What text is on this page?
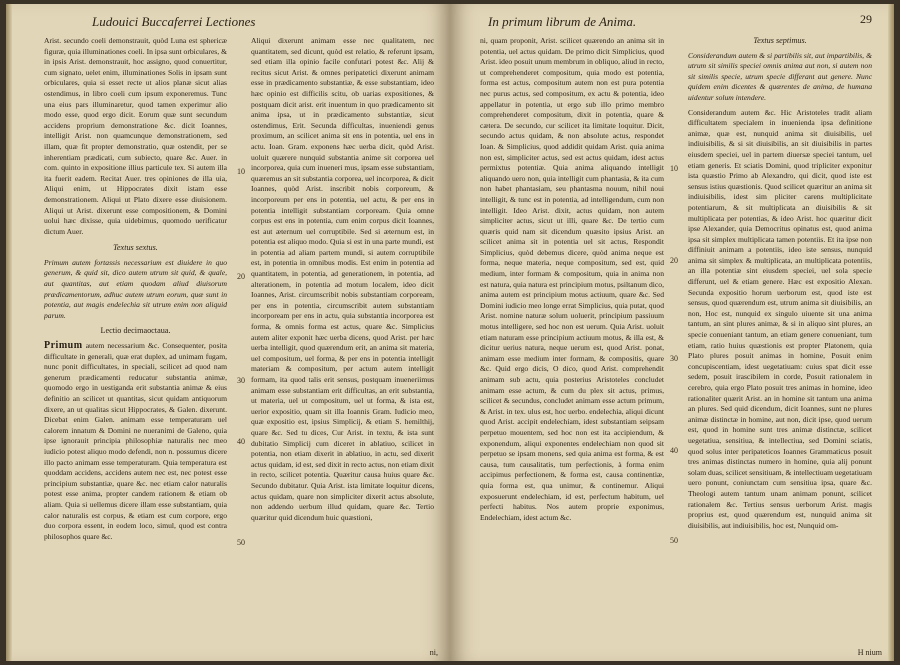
Ludouici Buccaferrei Lectiones

Arist. secundo coeli demonstrauit, quòd Luna est sphericæ figuræ, quia illuminationes coeli. In ipsa sunt orbiculares, & in ipsis Arist. demonstrauit, hoc assigno, quod conuertitur, cum signato, uelet enim, illuminationes Solis in ipsam sunt orbiculares, quia si esset recte ut alios planæ sicut alias ostendimus, in libro coeli cum ipsum exponeremus. Tunc una eius pars illuminaretur, quod tamen experimur alio modo esse, quod ergo dicit. Eorum quæ sunt secundum accidens proprium demonstratione &c. dicit Ioannes, intelligit Arist. non quamcunque demonstrationem, sed illam, quæ fit propter demonstratio, quæ ostendit, per se inherentiam prædicati, cum subiecto, quare &c. Auer. in com. quinto in expositione illius particule tex. Si autem illa ita fuerit eadem. Recitat Auer. tres opiniones de illa uia, Aliqui enim, ut Hippocrates dixit istam esse demonstrationem. Aliqui ut Plato dixere esse diuisionem. Aliqui ut Arist. dixerunt esse compositionem, & Domini uolui hæc dixisse, quia uidebimus, quomodo uerificatur dictum Auer.

Textus sextus.

Primum autem fortassis necessarium est diuidere in quo generum, & quid sit, dico autem utrum sit quid, & quale, aut quantitas, aut etiam quodam aliud diuisorum prædicamentorum, adhuc autem utrum eorum, quæ sunt in potentia, aut magis endelechia sit utrum enim non aliquid parum.

Lectio decimaoctaua.

Primum autem necessarium &c. Consequenter, posita difficultate in generali, quæ erat duplex, ad unimam fugam, nunc ponit difficultates, in speciali, scilicet ad quod nam generum prædicamenti reducatur substantia animæ, quomodo ergo in uestiganda erit substantia animæ & eius definitio an scilicet ut quantitas, sicut quidam antiquorum dixere, an ut qualitas sicut Hippocrates, & Galen. dixerunt. Dicebat enim Galen. animam esse temperaturam uel calorem innatum & Domini ne nueranimi de Galeno, quia ipse ignorauit principia philosophiæ naturalis nec meo iudicio potest aliquo modo defendi, non n. possumus dicere illo pacto animam esse temperaturam. Quia temperatura est quoddam accidens, accidens autem nec est, nec potest esse principium substantiæ, quare &c. nec etiam calor naturalis potest esse anima, propter candem rationem & etiam ob aliam. Quia si uellemus dicere illam esse substantiam, quia calor naturalis est corpus, & etiam est cum corpore, ergo duo corpora essent, in eodem loco, simul, quod est contra philosophos quare &c.

10
20
30
40
50

Aliqui dixerunt animam esse nec qualitatem, nec quantitatem, sed dicunt, quòd est relatio, & referunt ipsam, sed etiam illa opinio facile confutari potest &c. Alij & recitus sicut Arist. & omnes peripatetici dixerunt animam esse in prædicamento substantiæ, & esse substantiam, ideo hæc opinio est difficilis scitu, ob uarias expositiones, & postquam dicit arist. erit inuentum in quo prædicamento sit anima ipsa, ut in prædicamento substantiæ, sicut ostendimus, Erit. Secunda difficultas, inueniendi genus proximum, an scilicet anima sit ens in potentia, uel ens in actu. Ioan. Gram. exponens hæc uerba dicit, quòd Arist. uoluit quærere nunquid substantia anime sit corporea uel incorporea, quia cum inueneri mus, ipsam esse substantiam, quæremus an sit substantia corporea, uel incorporea, & dicit Ioannes, quòd Arist. inscribit nobis corporeum, & incorporeum per ens in potentia, uel actu, & per ens in potentia intelligit substantiam corpoream. Quia omne corpus est ens in potentia, cum enim corpus dicit Ioannes, est aut æternum uel corruptibile. Sed si æternum est, in potentia est aliquo modo. Quia si est in una parte mundi, est in potentia ad aliam partem mundi, si autem corruptibile est, in potentia in omnibus modis. Est enim in potentia ad quantitatem, in potentia, ad generationem, in potentia, ad alterationem, in potentia ad motum localem, ideo dicit Ioannes, Arist. circumscribit nobis substantiam corpoream, per ens in potentia, circumscribit autem substantiam incorpoream per ens in actu, quia substantia incorporea est forma, & omnis forma est actus, quare &c. Simplicius autem aliter exponit hæc uerba dicens, quod Arist. per hæc uerba intelligit, quod quærendum erit, an anima sit materia, uel compositum, uel forma, & per ens in potentia intelligit materiam & compositum, per actum autem intelligit formam, ita quod talis erit sensus, postquam inueneriimus animam esse substantiam erit difficultas, an erit substantia, ut materia, uel ut compositum, uel ut forma, & ista est, uerior expositio, quam sit illa Ioannis Gram. Iudicio meo, quæ expositio est, ipsius Simplicij, & etiam S. hemilthij, quare &c. Sed tu dices, Cur Arist. in textu, & ista sunt dubitatio Simplicij cum diceret in ablatiuo, scilicet in potentia, non etiam dixerit in ablatiuo, in actu, sed dixerit actus quidam, id est, sed dixit in recto actus, non etiam dixit in recto, scilicet potentia. Quæritur causa huius quare &c. Secundo dubitatur. Quia Arist. ista limitate loquitur dicens, actus quidam, quare non simpliciter dixerit actus absolute, non addendo uerbum illud quidam, quare &c. Tertio quæritur quid dicendum huic quæstioni,

ni,
In primum librum de Anima.	29
10
20
30
40
50

ni, quam proponit, Arist. scilicet quærendo an anima sit in potentia, uel actus quidam. De primo dicit Simplicius, quod Arist. ideo posuit unum membrum in obliquo, aliud in recto, ut comprehenderet compositum, quia modo est potentia, forma est actus, compositum autem non est pura potentia nec purus actus, sed compositum, ex actu & potentia, ideo appellatur in potentia, ut ergo sub illo primo membro comprehenderet compositum, dixit in potentia, quare & cætera. De secundo, cur scilicet ita limitate loquitur. Dicit, secundo actus quidam, & non absolute actus, respondet Ioan. & Simplicius, quod addidit quidam Arist. quia anima non est, simpliciter actus, sed est actus quidam, idest actus permixtus potentiæ. Quia anima aliquando intelligit aliquando uero non, quia intelligit cum phantasia, & ita cum non habet phantasiam, seu phantasma nouum, nihil noui intelligit, & tunc est in potentia, ad intelligendum, cum non intelligit. Ideo Arist. dixit, actus quidam, non autem simpliciter actus, sicut ut illi, quare &c. De tertio cum quæris quid nam sit dicendum quæsito ipsius Arist. an scilicet anima sit in potentia uel sit actus, Respondit Simplicius, quòd debemus dicere, quòd anima neque est forma, neque materia, neque compositum, sed est, quid medium, inter formam & compositum, quia in anima non est natura, quia natura est principium motus, psiltanum dico, anima autem est principium motus actiuum, quare &c. Sed Domini iudicio meo longe errat Simplicius, quia putat, quod Arist. nomine naturæ solum uoluerit, principium passiuum motus intelligere, sed hoc non est uerum. Quia Arist. uoluit etiam naturam esse principium actiuum motus, & illa est, & dicitur uerius natura, neque uerum est, quod Arist. ponat, animam esse medium inter formam, & compositis, quare &c. Quid ergo dicis, O dico, quod Arist. comprehendit animam sub actu, quia posterius Aristoteles concludet animam esse actum, & cum du plex sit actus, primus, scilicet & secundus, concludet animam esse actum primum, & Arist. in tex. ulus est, hoc uerbo. endelechia, aliqui dicunt quod Arist. accipit endelechiam, idest substantiam seipsam perpetuo mouentem, sed hoc non est ita accipiendum, & exponendum, aliqui exponentes endelechiam non quod sit perpetuo se ipsam monens, sed quia anima est forma, & est causa, tum causalitatis, tum perfectionis, à forma enim accipimus perfectionem, & forma est, causa continentiæ, quia forma est, qua unimur, & continemur. Aliqui exposuerunt endelechiam, id est, perfectum habitum, uel perfecti habitus. Nos autem proprie exponimus, Endelechiam, idest actum &c.

Textus septimus.

Considerandum autem & si partibilis sit, aut impartibilis, & utrum sit similis speciei omnis anima aut non, si autem non sit similis specie, utrum specie differant aut genere. Nunc quidem enim dicentes & quærentes de anima, de humana uidentur solum intendere.

Considerandum autem &c. Hic Aristoteles tradit aliam difficultatem specialem in inuenienda ipsa definitione animæ, quæ est, nunquid anima sit diuisibilis, uel indiuisibilis, & si sit diuisibilis, an sit diuisibilis in partes eiusdem speciei, uel in partem diuersæ speciei tantum, uel etiam generis. Et sciatis Domini, quod tripliciter exponitur ista quæstio Primo ab Alexandro, qui dicit, quod iste est sensus istius quæstionis. Quod scilicet quæritur an anima sit indiuisibilis, idest sim pliciter carens multiplicitate potentiarum, & sit multiplicata an diuisibilis & sit multiplicata per potentias, & ideo Arist. hoc quæritur dicit ipse Alexander, quia Democritus opinatus est, quod anima ipsa sit simplex multiplicata tamen potentiis. Et ita ipse non diffiniuit animam a potentiis, ideo iste sensus, nunquid anima sit simplex & multiplicata, an multiplicata potentiis, an illa potentiæ sint eiusdem speciei, uel sola specie differunt, uel & etiam genere. Hæc est expositio Alexan. Secunda expositio horum uerborum est, quod iste est sensus, quod quærendum est, utrum anima sit diuisibilis, an non, Hoc est, nunquid ex singulo uiuente sit una anima tantum, an sint plures animæ, & si in aliquo sint plures, an specie conueniant tantum, an etiam genere conueniant, tum etiam, ratio huius quæstionis est propter Platonem, quia Plato plures posuit animas in homine, Posuit enim concupiscentiam, idest uegetatiuam: cuius spat dicit esse sedem, posuit irascibilem in corde, Posuit rationalem in cerebro, quia ergo Plato posuit tres animas in homine, ideo rationaliter quærit Arist. an in homine sit tantum una anima an plures. Sed quid dicendum, dicit Ioannes, sunt ne plures animæ distinctæ in homine, aut non, dicit ipse, quod uerum est, quod in homine sunt tres animæ distinctæ, scilicet uegetatiua, sensitiua, & intellectiua, sed Domini sciatis, quod solus inter peripateticos Ioannes Grammaticus posuit tres animas distinctas numero in homine, quia alij ponunt solam duas, scilicet sensitiuam, & intellectiuam uegetatiuam uero ponunt, coniunctam cum sensitiua ipsa, quare &c. Theologi autem tantum unam animam ponunt, scilicet rationalem &c. Tertius sensus uerborum Arist. magis proprius est, quod quærendum est, nunquid anima sit diuisibilis, aut indiuisibilis, hoc est, Nunquid om-

H nium
